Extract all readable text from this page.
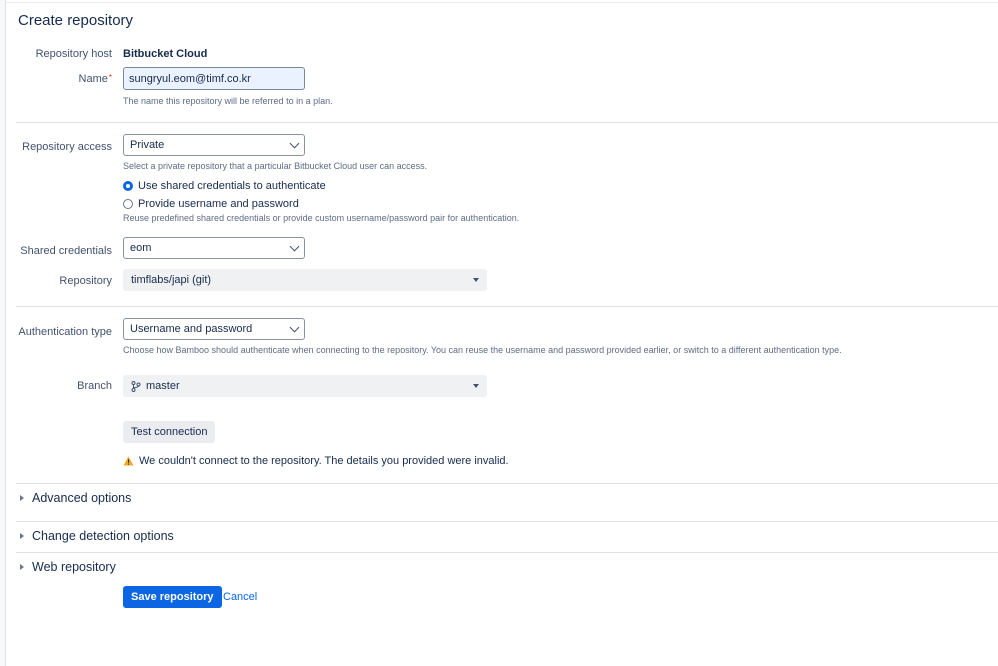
Create repository
Repository host Bitbucket Cloud
Name*
sungryul.eom@timf.co.kr
The name this repository will be referred to in a plan.
Repository access Private
Select a private repository that a particular Bitbucket Cloud user can access.
Use shared credentials to authenticate
Provide username and password
Reuse predefined shared credentials or provide custom username/password pair for authentication.
Shared credentials eom
Repository timflabs/japi (git)
Authentication type Username and password
Choose how Bamboo should authenticate when connecting to the repository. You can reuse the username and password provided earlier, or switch to a different authentication type.
Branch	master
Test connection
We couldn't connect to the repository. The details you provided were invalid.
Advanced options
Change detection options
Web repository
Save repository Cancel
